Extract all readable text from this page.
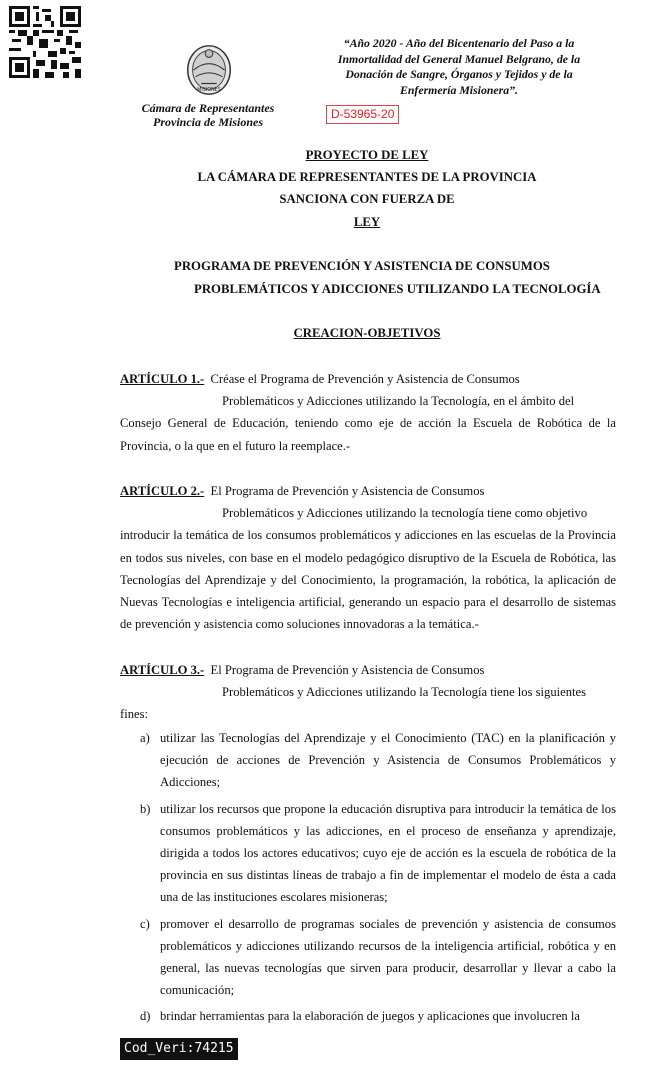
MISIONES
Cámara de Representantes
Provincia de Misiones
“Año 2020 - Año del Bicentenario del Paso a la Inmortalidad del General Manuel Belgrano, de la Donación de Sangre, Órganos y Tejidos y de la Enfermería Misionera”.
D-53965-20
PROYECTO DE LEY
LA CÁMARA DE REPRESENTANTES DE LA PROVINCIA
SANCIONA CON FUERZA DE
LEY
PROGRAMA DE PREVENCIÓN Y ASISTENCIA DE CONSUMOS
PROBLEMÁTICOS Y ADICCIONES UTILIZANDO LA TECNOLOGÍA
CREACION-OBJETIVOS
ARTÍCULO 1.- Créase el Programa de Prevención y Asistencia de Consumos
Problemáticos y Adicciones utilizando la Tecnología, en el ámbito del
Consejo General de Educación, teniendo como eje de acción la Escuela de Robótica de la Provincia, o la que en el futuro la reemplace.-
ARTÍCULO 2.- El Programa de Prevención y Asistencia de Consumos
Problemáticos y Adicciones utilizando la tecnología tiene como objetivo
introducir la temática de los consumos problemáticos y adicciones en las escuelas de la Provincia en todos sus niveles, con base en el modelo pedagógico disruptivo de la Escuela de Robótica, las Tecnologías del Aprendizaje y del Conocimiento, la programación, la robótica, la aplicación de Nuevas Tecnologías e inteligencia artificial, generando un espacio para el desarrollo de sistemas de prevención y asistencia como soluciones innovadoras a la temática.-
ARTÍCULO 3.- El Programa de Prevención y Asistencia de Consumos
Problemáticos y Adicciones utilizando la Tecnología tiene los siguientes
fines:
a) utilizar las Tecnologías del Aprendizaje y el Conocimiento (TAC) en la planificación y ejecución de acciones de Prevención y Asistencia de Consumos Problemáticos y Adicciones;
b) utilizar los recursos que propone la educación disruptiva para introducir la temática de los consumos problemáticos y las adicciones, en el proceso de enseñanza y aprendizaje, dirigida a todos los actores educativos; cuyo eje de acción es la escuela de robótica de la provincia en sus distintas líneas de trabajo a fin de implementar el modelo de ésta a cada una de las instituciones escolares misioneras;
c) promover el desarrollo de programas sociales de prevención y asistencia de consumos problemáticos y adicciones utilizando recursos de la inteligencia artificial, robótica y en general, las nuevas tecnologías que sirven para producir, desarrollar y llevar a cabo la comunicación;
d) brindar herramientas para la elaboración de juegos y aplicaciones que involucren la
Cod_Veri:74215
